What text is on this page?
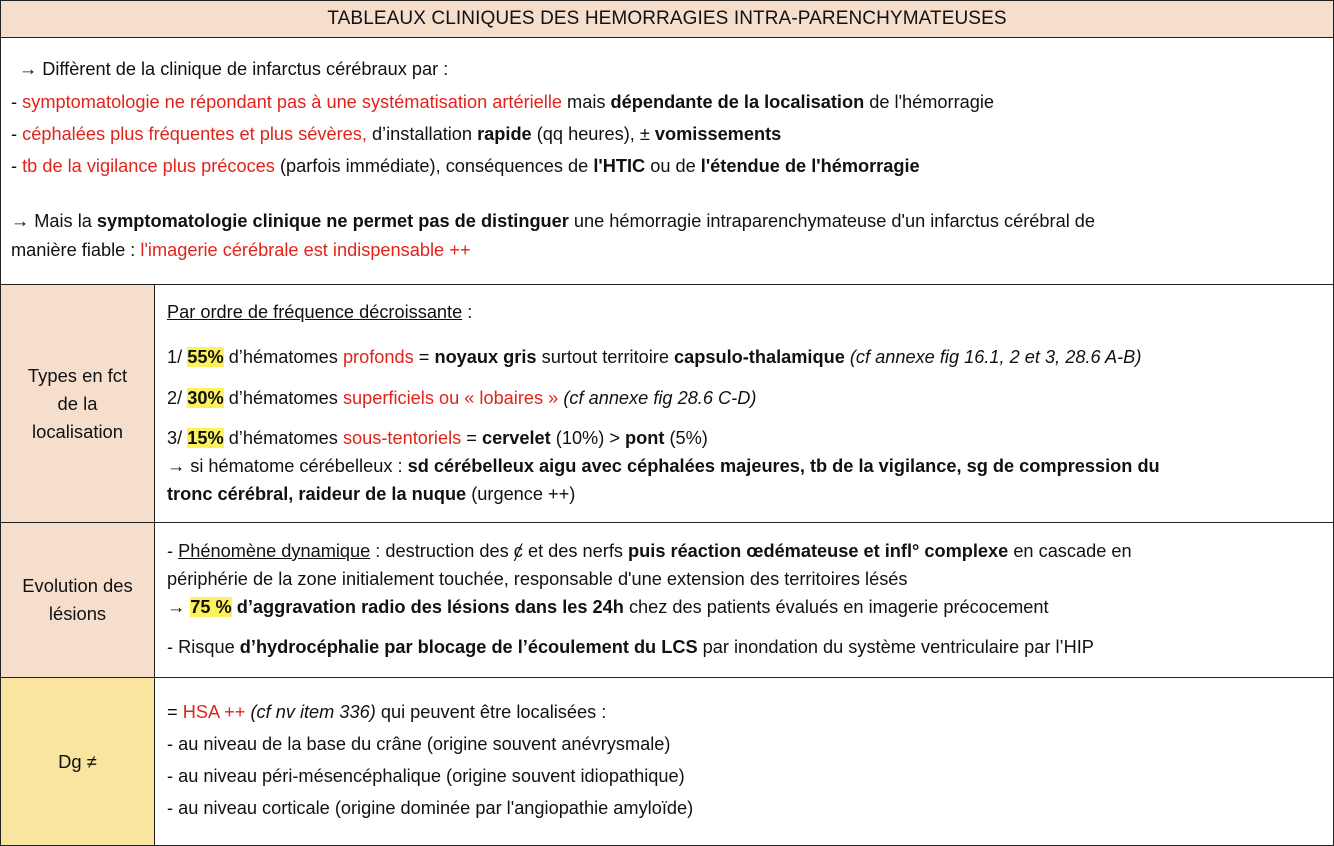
TABLEAUX CLINIQUES DES HEMORRAGIES INTRA-PARENCHYMATEUSES
→ Diffèrent de la clinique de infarctus cérébraux par :
- symptomatologie ne répondant pas à une systématisation artérielle mais dépendante de la localisation de l'hémorragie
- céphalées plus fréquentes et plus sévères, d’installation rapide (qq heures), ± vomissements
- tb de la vigilance plus précoces (parfois immédiate), conséquences de l'HTIC ou de l'étendue de l'hémorragie
→ Mais la symptomatologie clinique ne permet pas de distinguer une hémorragie intraparenchymateuse d'un infarctus cérébral de
manière fiable : l'imagerie cérébrale est indispensable ++
Types en fct de la localisation
Par ordre de fréquence décroissante :
1/ 55% d’hématomes profonds = noyaux gris surtout territoire capsulo-thalamique (cf annexe fig 16.1, 2 et 3, 28.6 A-B)
2/ 30% d’hématomes superficiels ou « lobaires » (cf annexe fig 28.6 C-D)
3/ 15% d’hématomes sous-tentoriels = cervelet (10%) > pont (5%)
→ si hématome cérébelleux : sd cérébelleux aigu avec céphalées majeures, tb de la vigilance, sg de compression du
tronc cérébral, raideur de la nuque (urgence ++)
Evolution des lésions
- Phénomène dynamique : destruction des ȼ et des nerfs puis réaction œdémateuse et infl° complexe en cascade en
périphérie de la zone initialement touchée, responsable d'une extension des territoires lésés
→ 75 % d’aggravation radio des lésions dans les 24h chez des patients évalués en imagerie précocement
- Risque d’hydrocéphalie par blocage de l’écoulement du LCS par inondation du système ventriculaire par l’HIP
Dg ≠
= HSA ++ (cf nv item 336) qui peuvent être localisées :
- au niveau de la base du crâne (origine souvent anévrysmale)
- au niveau péri-mésencéphalique (origine souvent idiopathique)
- au niveau corticale (origine dominée par l'angiopathie amyloïde)
